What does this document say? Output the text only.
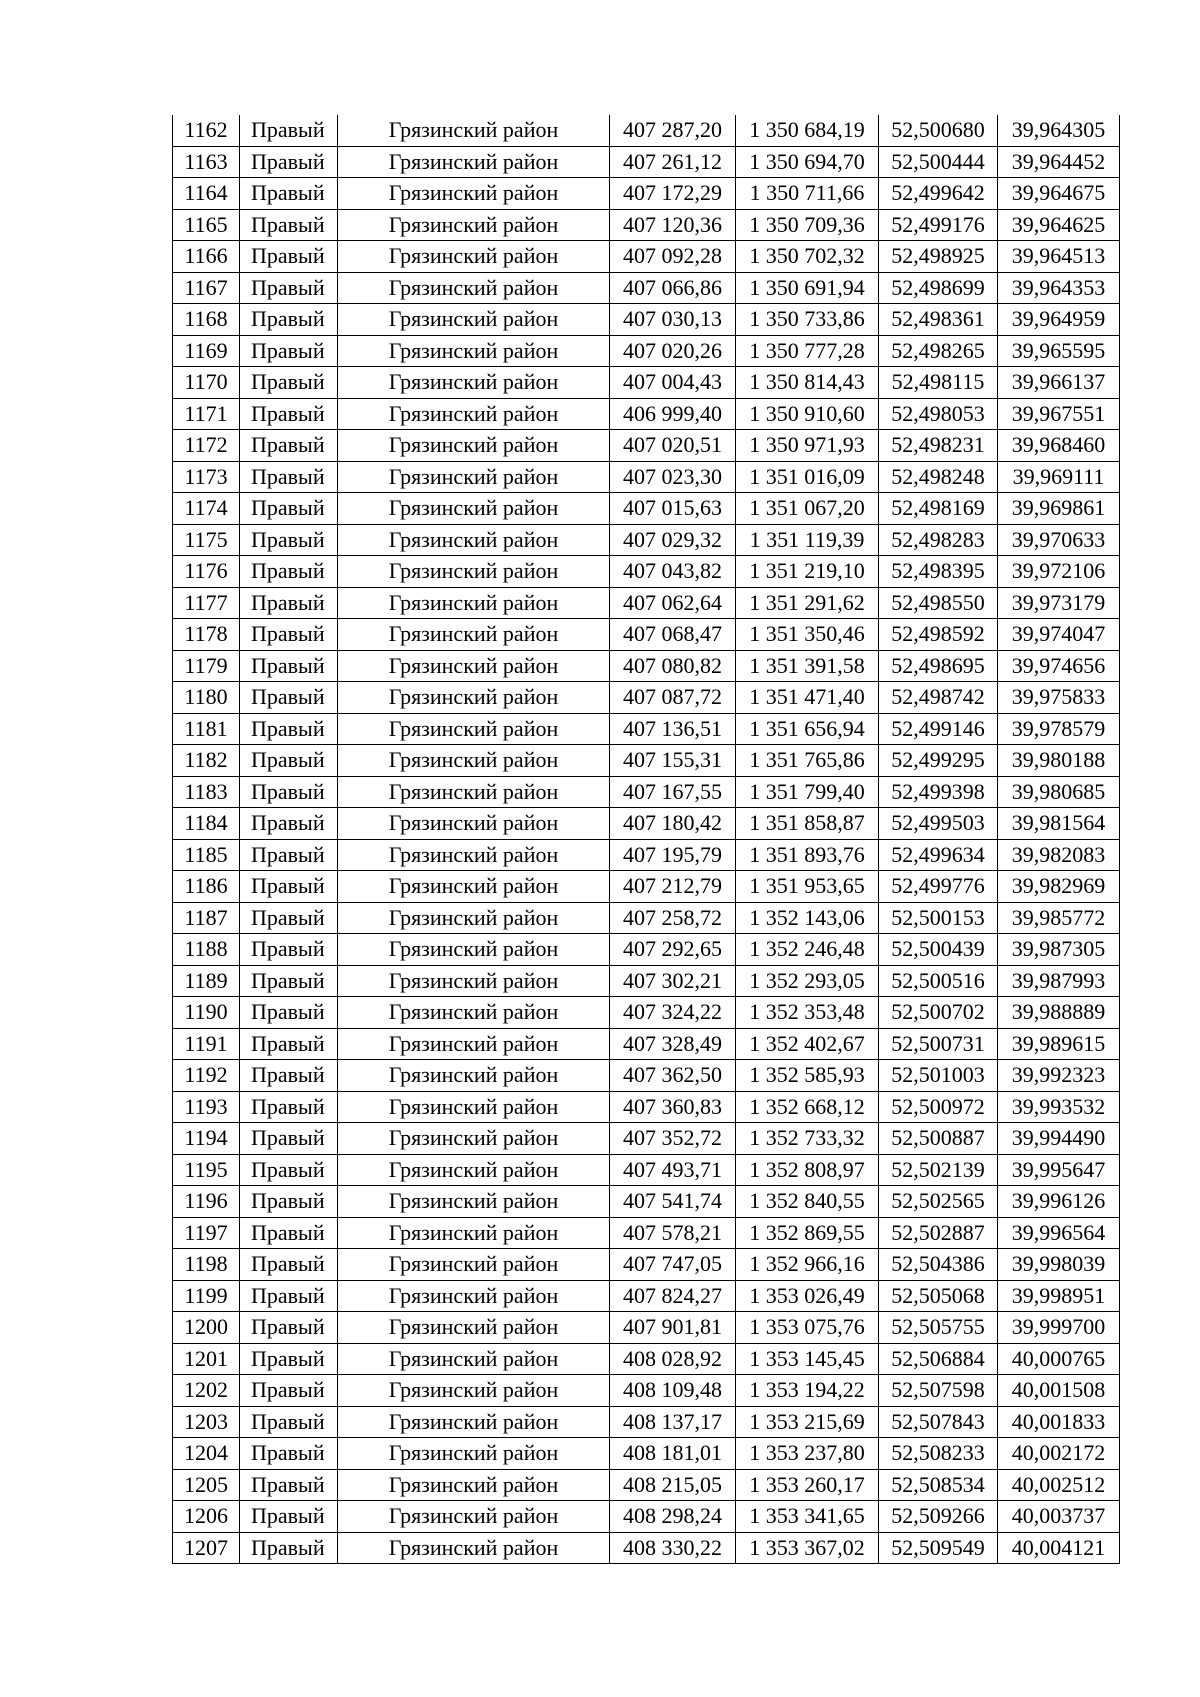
1162	Правый	Грязинский район	407 287,20	1 350 684,19	52,500680	39,964305
1163	Правый	Грязинский район	407 261,12	1 350 694,70	52,500444	39,964452
1164	Правый	Грязинский район	407 172,29	1 350 711,66	52,499642	39,964675
1165	Правый	Грязинский район	407 120,36	1 350 709,36	52,499176	39,964625
1166	Правый	Грязинский район	407 092,28	1 350 702,32	52,498925	39,964513
1167	Правый	Грязинский район	407 066,86	1 350 691,94	52,498699	39,964353
1168	Правый	Грязинский район	407 030,13	1 350 733,86	52,498361	39,964959
1169	Правый	Грязинский район	407 020,26	1 350 777,28	52,498265	39,965595
1170	Правый	Грязинский район	407 004,43	1 350 814,43	52,498115	39,966137
1171	Правый	Грязинский район	406 999,40	1 350 910,60	52,498053	39,967551
1172	Правый	Грязинский район	407 020,51	1 350 971,93	52,498231	39,968460
1173	Правый	Грязинский район	407 023,30	1 351 016,09	52,498248	39,969111
1174	Правый	Грязинский район	407 015,63	1 351 067,20	52,498169	39,969861
1175	Правый	Грязинский район	407 029,32	1 351 119,39	52,498283	39,970633
1176	Правый	Грязинский район	407 043,82	1 351 219,10	52,498395	39,972106
1177	Правый	Грязинский район	407 062,64	1 351 291,62	52,498550	39,973179
1178	Правый	Грязинский район	407 068,47	1 351 350,46	52,498592	39,974047
1179	Правый	Грязинский район	407 080,82	1 351 391,58	52,498695	39,974656
1180	Правый	Грязинский район	407 087,72	1 351 471,40	52,498742	39,975833
1181	Правый	Грязинский район	407 136,51	1 351 656,94	52,499146	39,978579
1182	Правый	Грязинский район	407 155,31	1 351 765,86	52,499295	39,980188
1183	Правый	Грязинский район	407 167,55	1 351 799,40	52,499398	39,980685
1184	Правый	Грязинский район	407 180,42	1 351 858,87	52,499503	39,981564
1185	Правый	Грязинский район	407 195,79	1 351 893,76	52,499634	39,982083
1186	Правый	Грязинский район	407 212,79	1 351 953,65	52,499776	39,982969
1187	Правый	Грязинский район	407 258,72	1 352 143,06	52,500153	39,985772
1188	Правый	Грязинский район	407 292,65	1 352 246,48	52,500439	39,987305
1189	Правый	Грязинский район	407 302,21	1 352 293,05	52,500516	39,987993
1190	Правый	Грязинский район	407 324,22	1 352 353,48	52,500702	39,988889
1191	Правый	Грязинский район	407 328,49	1 352 402,67	52,500731	39,989615
1192	Правый	Грязинский район	407 362,50	1 352 585,93	52,501003	39,992323
1193	Правый	Грязинский район	407 360,83	1 352 668,12	52,500972	39,993532
1194	Правый	Грязинский район	407 352,72	1 352 733,32	52,500887	39,994490
1195	Правый	Грязинский район	407 493,71	1 352 808,97	52,502139	39,995647
1196	Правый	Грязинский район	407 541,74	1 352 840,55	52,502565	39,996126
1197	Правый	Грязинский район	407 578,21	1 352 869,55	52,502887	39,996564
1198	Правый	Грязинский район	407 747,05	1 352 966,16	52,504386	39,998039
1199	Правый	Грязинский район	407 824,27	1 353 026,49	52,505068	39,998951
1200	Правый	Грязинский район	407 901,81	1 353 075,76	52,505755	39,999700
1201	Правый	Грязинский район	408 028,92	1 353 145,45	52,506884	40,000765
1202	Правый	Грязинский район	408 109,48	1 353 194,22	52,507598	40,001508
1203	Правый	Грязинский район	408 137,17	1 353 215,69	52,507843	40,001833
1204	Правый	Грязинский район	408 181,01	1 353 237,80	52,508233	40,002172
1205	Правый	Грязинский район	408 215,05	1 353 260,17	52,508534	40,002512
1206	Правый	Грязинский район	408 298,24	1 353 341,65	52,509266	40,003737
1207	Правый	Грязинский район	408 330,22	1 353 367,02	52,509549	40,004121
